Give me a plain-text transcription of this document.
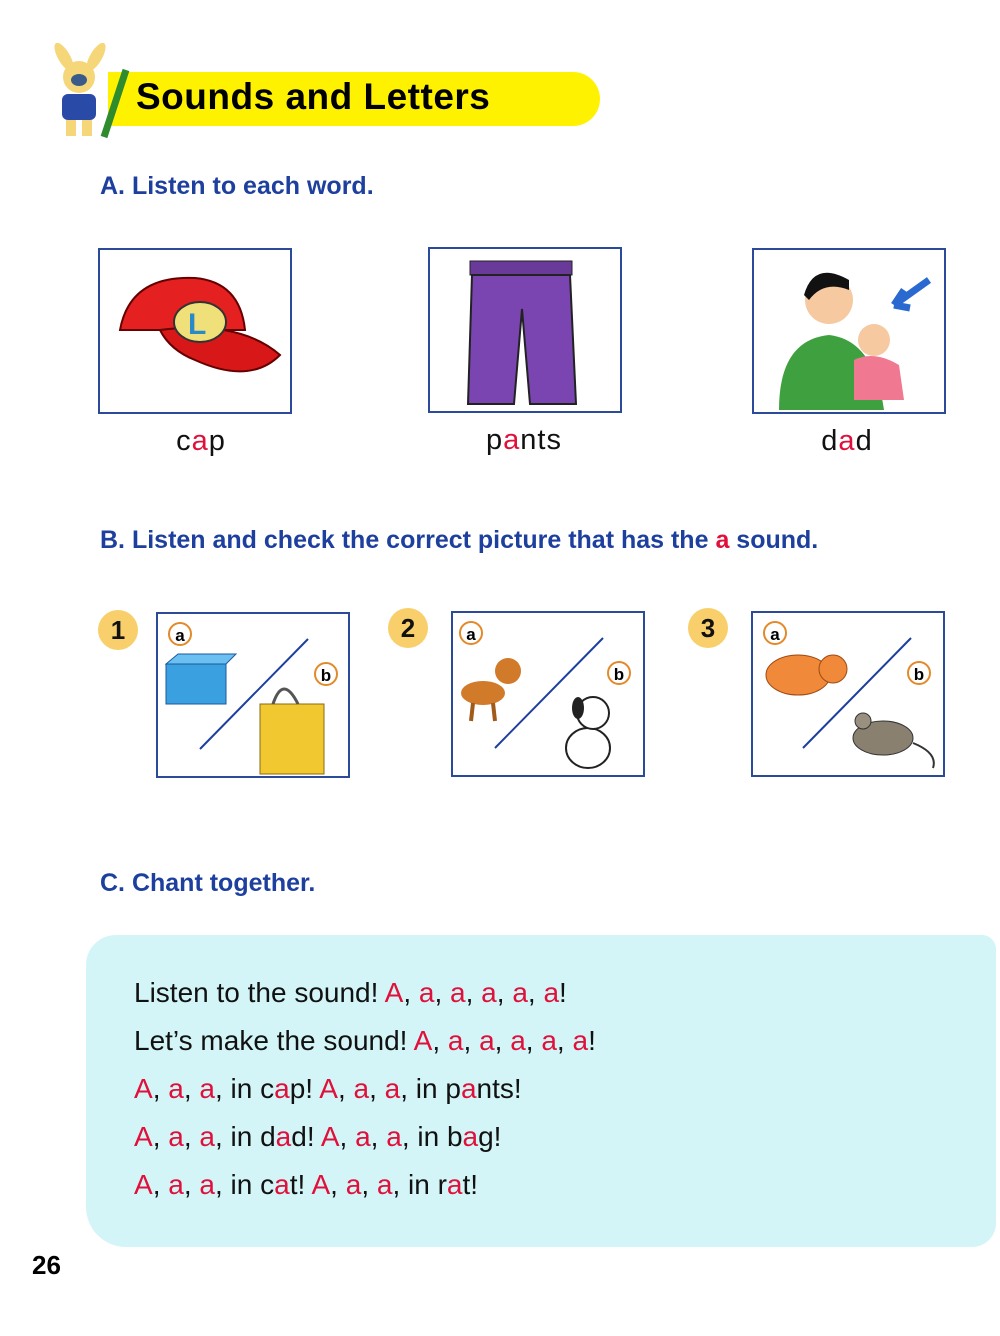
Sounds and Letters
A. Listen to each word.
L
cap	pants	dad
B. Listen and check the correct picture that has the a sound.
1	a
b
2	a
b
3	a
b
C. Chant together.
Listen to the sound! A, a, a, a, a, a!
Let’s make the sound! A, a, a, a, a, a!
A, a, a, in cap! A, a, a, in pants!
A, a, a, in dad! A, a, a, in bag!
A, a, a, in cat! A, a, a, in rat!
26
